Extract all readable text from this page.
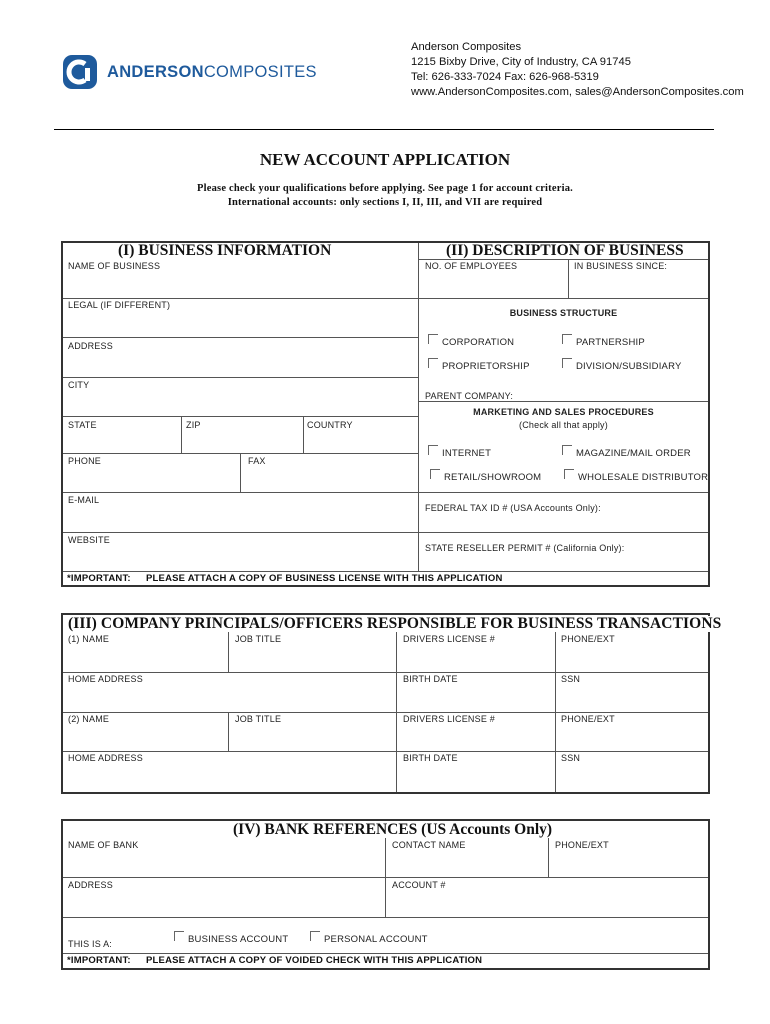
ANDERSONCOMPOSITES
Anderson Composites
1215 Bixby Drive, City of Industry, CA 91745
Tel: 626-333-7024 Fax: 626-968-5319
www.AndersonComposites.com, sales@AndersonComposites.com
NEW ACCOUNT APPLICATION
Please check your qualifications before applying. See page 1 for account criteria.
International accounts: only sections I, II, III, and VII are required
(I) BUSINESS INFORMATION	(II) DESCRIPTION OF BUSINESS
NAME OF BUSINESS
LEGAL (IF DIFFERENT)
ADDRESS
CITY
STATE	ZIP	COUNTRY
PHONE	FAX
E-MAIL
WEBSITE
NO. OF EMPLOYEES	IN BUSINESS SINCE:
BUSINESS STRUCTURE
CORPORATION	PARTNERSHIP
PROPRIETORSHIP	DIVISION/SUBSIDIARY
PARENT COMPANY:
MARKETING AND SALES PROCEDURES
(Check all that apply)
INTERNET	MAGAZINE/MAIL ORDER
RETAIL/SHOWROOM	WHOLESALE DISTRIBUTOR
FEDERAL TAX ID # (USA Accounts Only):
STATE RESELLER PERMIT # (California Only):
*IMPORTANT: PLEASE ATTACH A COPY OF BUSINESS LICENSE WITH THIS APPLICATION
(III) COMPANY PRINCIPALS/OFFICERS RESPONSIBLE FOR BUSINESS TRANSACTIONS
(1) NAME	JOB TITLE	DRIVERS LICENSE #	PHONE/EXT
HOME ADDRESS	BIRTH DATE	SSN
(2) NAME	JOB TITLE	DRIVERS LICENSE #	PHONE/EXT
HOME ADDRESS	BIRTH DATE	SSN
(IV) BANK REFERENCES (US Accounts Only)
NAME OF BANK	CONTACT NAME	PHONE/EXT
ADDRESS	ACCOUNT #
THIS IS A:	BUSINESS ACCOUNT	PERSONAL ACCOUNT
*IMPORTANT: PLEASE ATTACH A COPY OF VOIDED CHECK WITH THIS APPLICATION
